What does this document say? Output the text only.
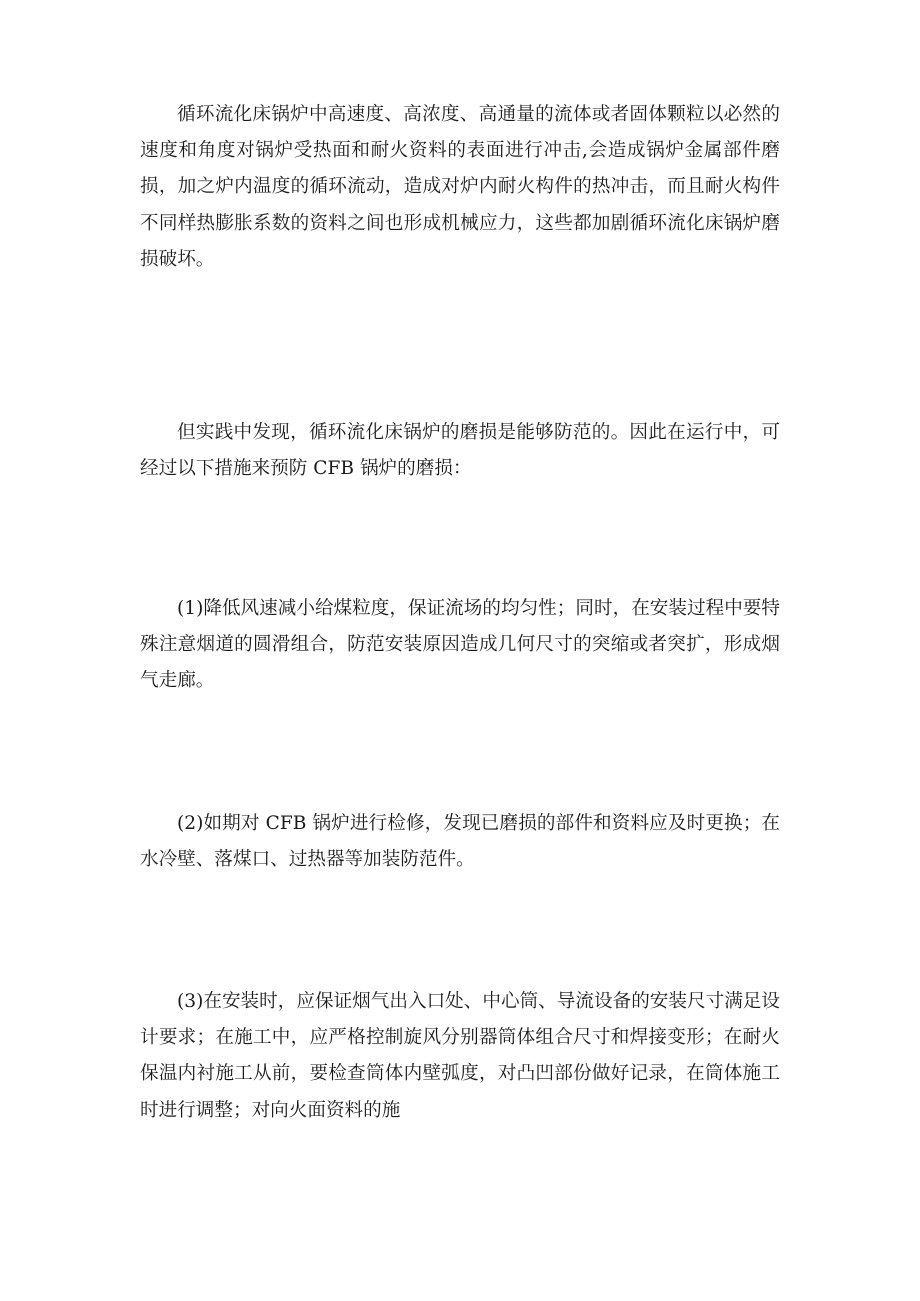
循环流化床锅炉中高速度、高浓度、高通量的流体或者固体颗粒以必然的速度和角度对锅炉受热面和耐火资料的表面进行冲击,会造成锅炉金属部件磨损，加之炉内温度的循环流动，造成对炉内耐火构件的热冲击，而且耐火构件不同样热膨胀系数的资料之间也形成机械应力，这些都加剧循环流化床锅炉磨损破坏。

但实践中发现，循环流化床锅炉的磨损是能够防范的。因此在运行中，可经过以下措施来预防 CFB 锅炉的磨损：

(1)降低风速减小给煤粒度，保证流场的均匀性；同时，在安装过程中要特殊注意烟道的圆滑组合，防范安装原因造成几何尺寸的突缩或者突扩，形成烟气走廊。

(2)如期对 CFB 锅炉进行检修，发现已磨损的部件和资料应及时更换；在水冷壁、落煤口、过热器等加装防范件。

(3)在安装时，应保证烟气出入口处、中心筒、导流设备的安装尺寸满足设计要求；在施工中，应严格控制旋风分别器筒体组合尺寸和焊接变形；在耐火保温内衬施工从前，要检查筒体内壁弧度，对凸凹部份做好记录，在筒体施工时进行调整；对向火面资料的施
